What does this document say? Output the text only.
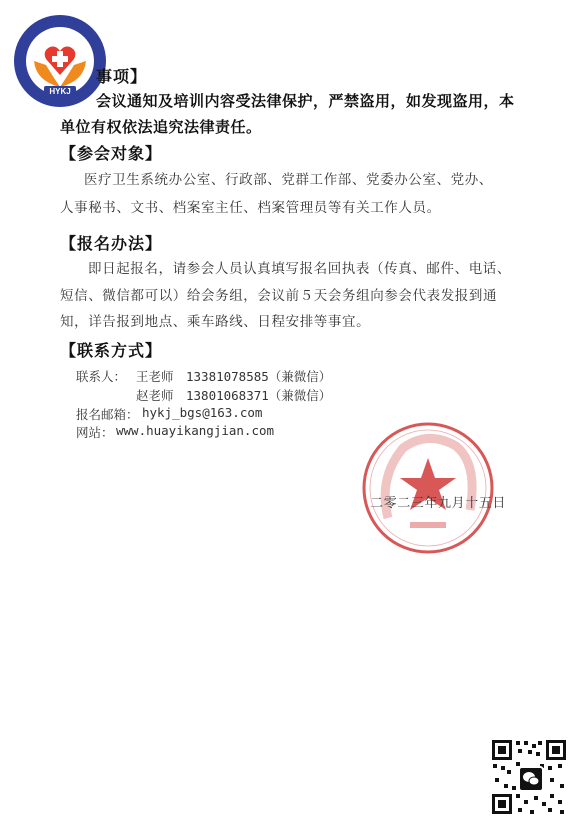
HYKJ
事项】
会议通知及培训内容受法律保护，严禁盗用，如发现盗用，本
单位有权依法追究法律责任。
【参会对象】
医疗卫生系统办公室、行政部、党群工作部、党委办公室、党办、
人事秘书、文书、档案室主任、档案管理员等有关工作人员。
【报名办法】
即日起报名，请参会人员认真填写报名回执表（传真、邮件、电话、
短信、微信都可以）给会务组，会议前５天会务组向参会代表发报到通
知，详告报到地点、乘车路线、日程安排等事宜。
【联系方式】
联系人： 王老师　13381078585（兼微信）
赵老师　13801068371（兼微信）
报名邮箱： hykj_bgs@163.com
网站： www.huayikangjian.com
二零二三年九月十五日
